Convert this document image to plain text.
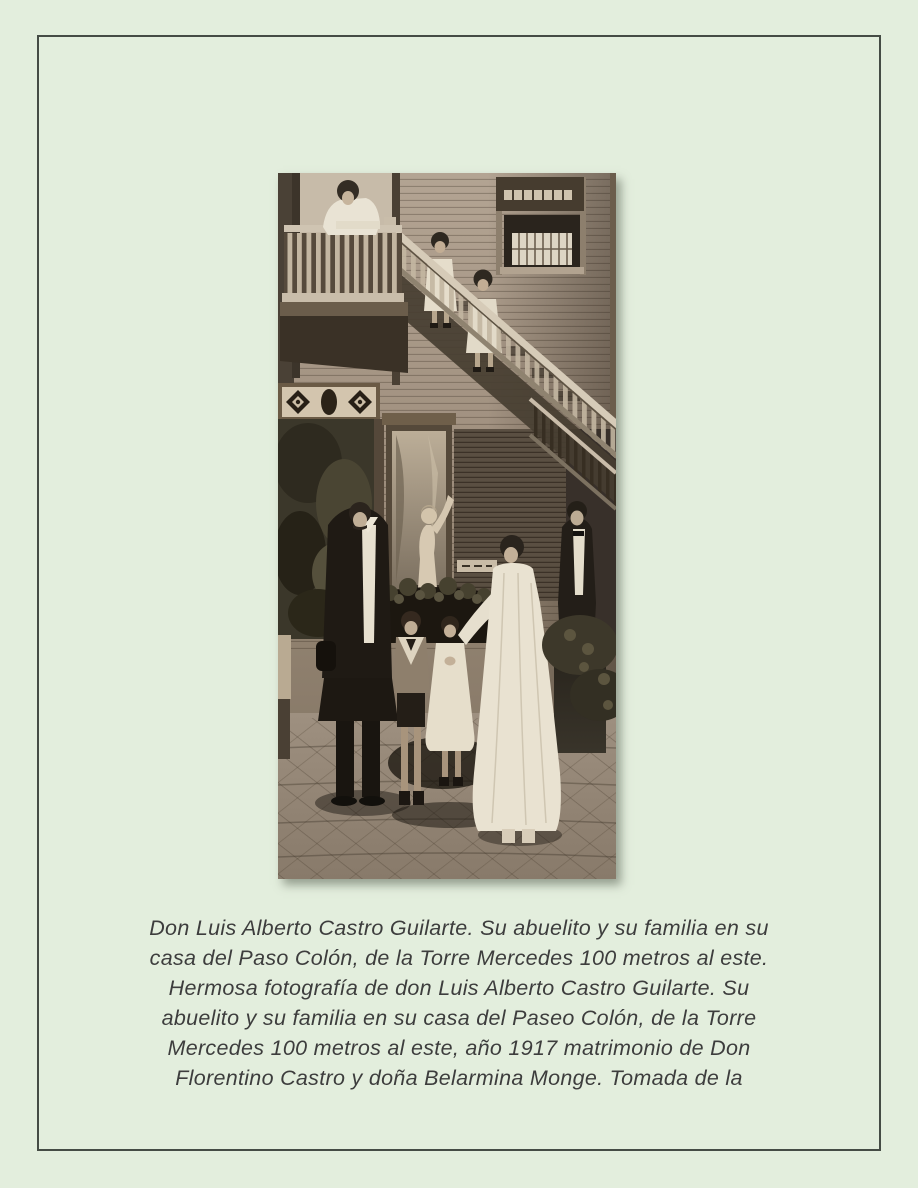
Don Luis Alberto Castro Guilarte. Su abuelito y su familia en su
casa del Paso Colón, de la Torre Mercedes 100 metros al este.
Hermosa fotografía de don Luis Alberto Castro Guilarte. Su
abuelito y su familia en su casa del Paseo Colón, de la Torre
Mercedes 100 metros al este, año 1917 matrimonio de Don
Florentino Castro y doña Belarmina Monge. Tomada de la
